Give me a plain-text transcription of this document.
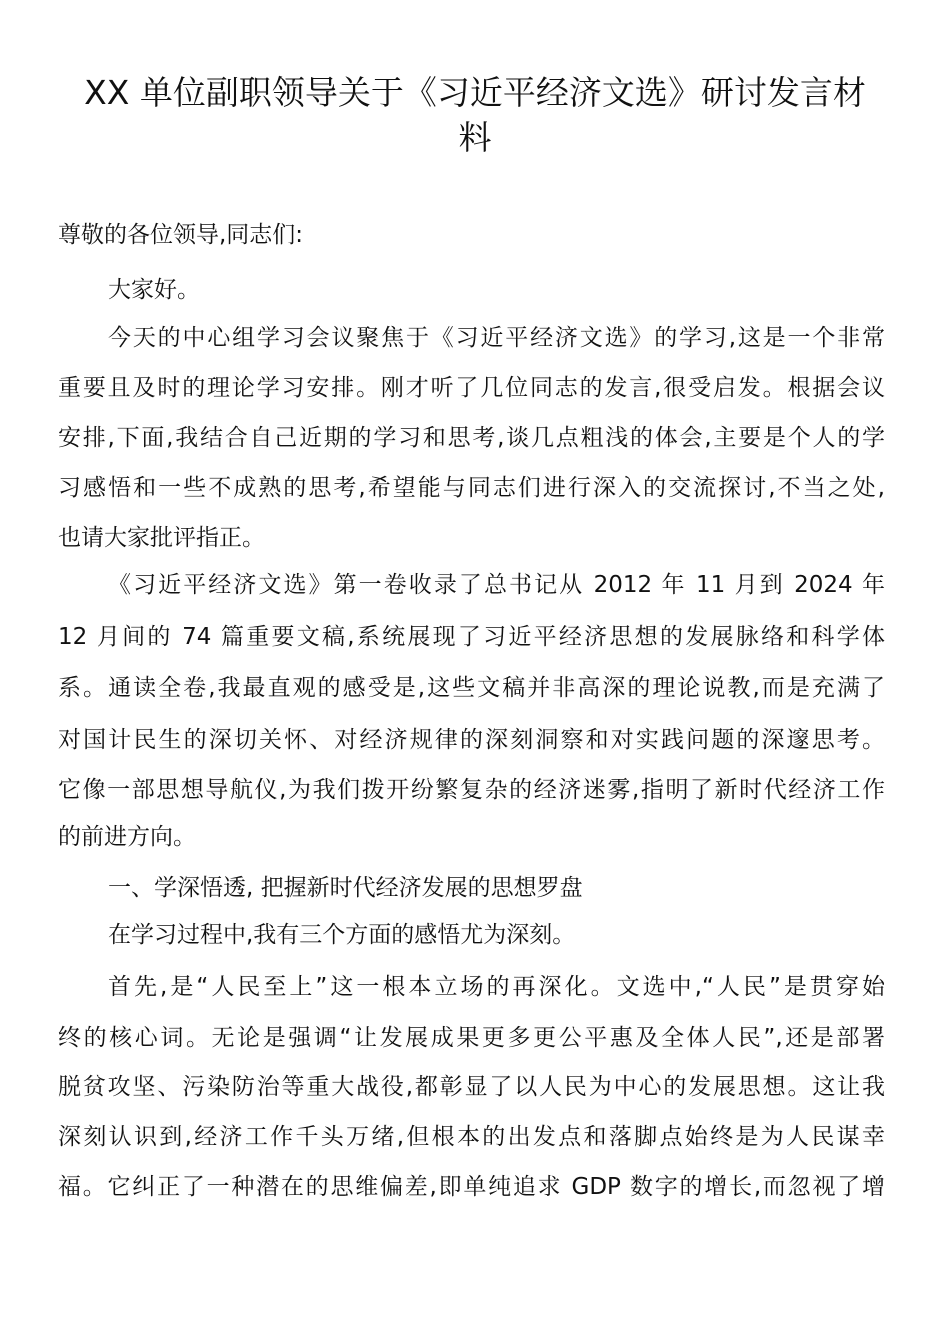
XX 单位副职领导关于《习近平经济文选》研讨发言材
料
尊敬的各位领导,同志们:
大家好。
今天的中心组学习会议聚焦于《习近平经济文选》的学习,这是一个非常
重要且及时的理论学习安排。刚才听了几位同志的发言,很受启发。根据会议
安排,下面,我结合自己近期的学习和思考,谈几点粗浅的体会,主要是个人的学
习感悟和一些不成熟的思考,希望能与同志们进行深入的交流探讨,不当之处,
也请大家批评指正。
《习近平经济文选》第一卷收录了总书记从 2012 年 11 月到 2024 年
12 月间的 74 篇重要文稿,系统展现了习近平经济思想的发展脉络和科学体
系。通读全卷,我最直观的感受是,这些文稿并非高深的理论说教,而是充满了
对国计民生的深切关怀、对经济规律的深刻洞察和对实践问题的深邃思考。
它像一部思想导航仪,为我们拨开纷繁复杂的经济迷雾,指明了新时代经济工作
的前进方向。
一、学深悟透, 把握新时代经济发展的思想罗盘
在学习过程中,我有三个方面的感悟尤为深刻。
首先,是“人民至上”这一根本立场的再深化。文选中,“人民”是贯穿始
终的核心词。无论是强调“让发展成果更多更公平惠及全体人民”,还是部署
脱贫攻坚、污染防治等重大战役,都彰显了以人民为中心的发展思想。这让我
深刻认识到,经济工作千头万绪,但根本的出发点和落脚点始终是为人民谋幸
福。它纠正了一种潜在的思维偏差,即单纯追求 GDP 数字的增长,而忽视了增
